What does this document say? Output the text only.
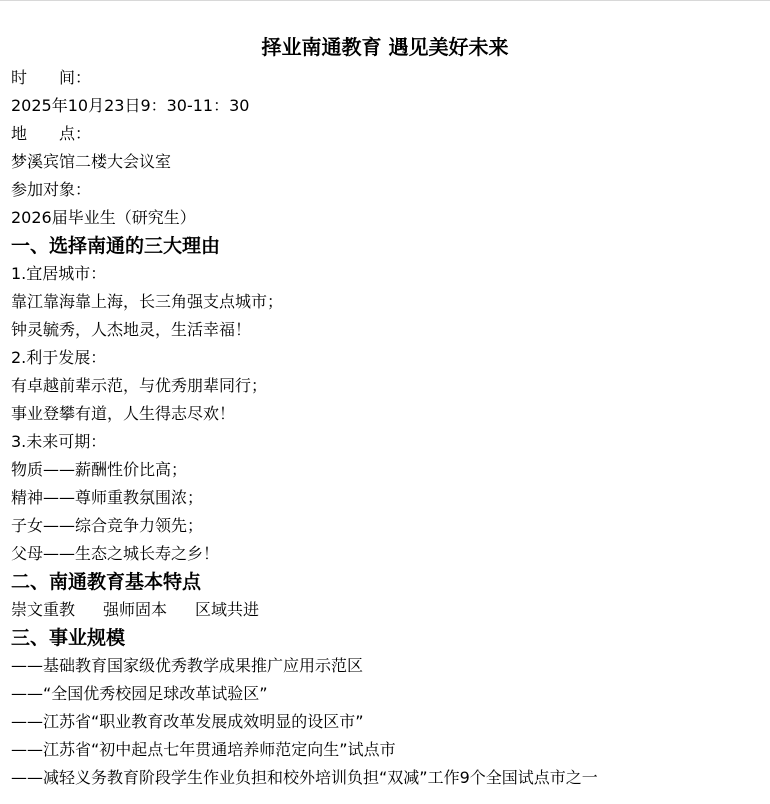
择业南通教育 遇见美好未来
时　　间：
2025年10月23日9：30-11：30
地　　点：
梦溪宾馆二楼大会议室
参加对象：
2026届毕业生（研究生）
一、选择南通的三大理由
1.宜居城市：
靠江靠海靠上海，长三角强支点城市；
钟灵毓秀，人杰地灵，生活幸福！
2.利于发展：
有卓越前辈示范，与优秀朋辈同行；
事业登攀有道，人生得志尽欢！
3.未来可期：
物质——薪酬性价比高；
精神——尊师重教氛围浓；
子女——综合竞争力领先；
父母——生态之城长寿之乡！
二、南通教育基本特点
崇文重教 强师固本 区域共进
三、事业规模
——基础教育国家级优秀教学成果推广应用示范区
——“全国优秀校园足球改革试验区”
——江苏省“职业教育改革发展成效明显的设区市”
——江苏省“初中起点七年贯通培养师范定向生”试点市
——减轻义务教育阶段学生作业负担和校外培训负担“双减”工作9个全国试点市之一
